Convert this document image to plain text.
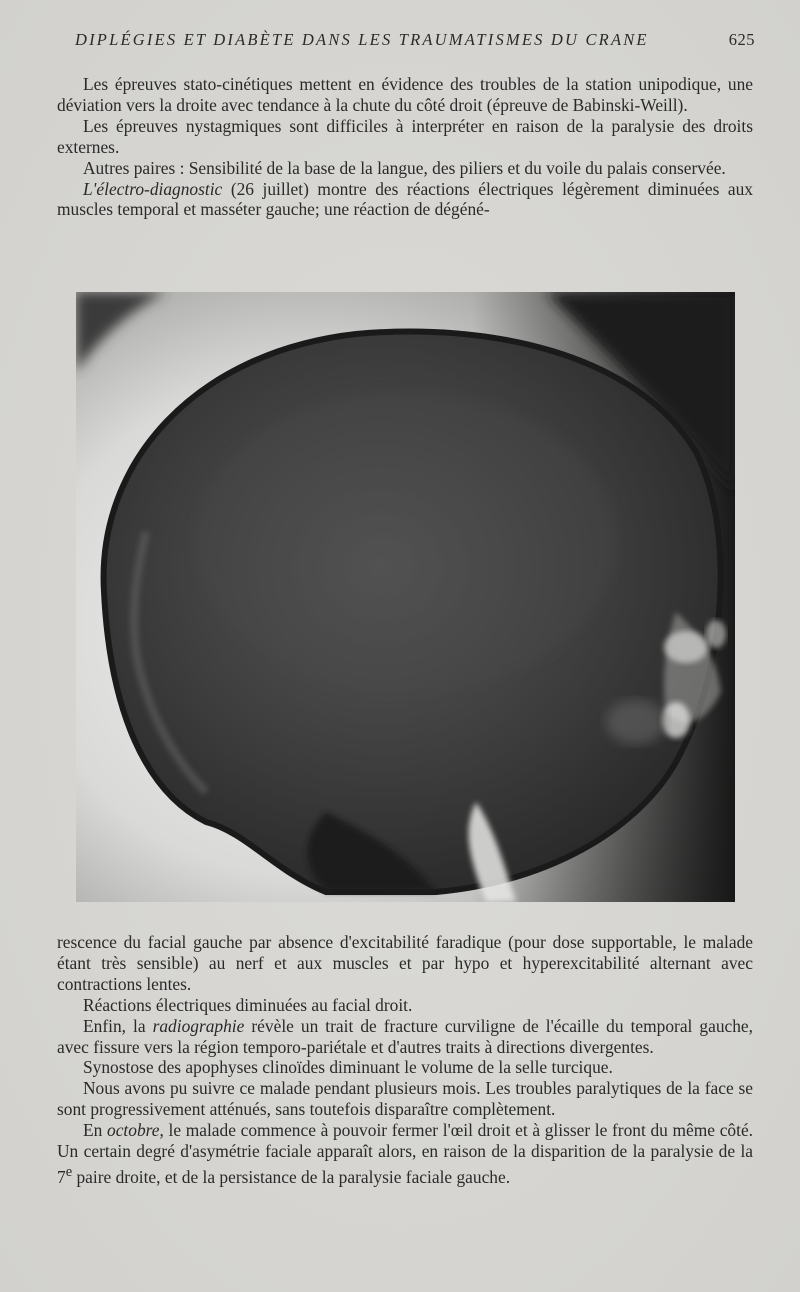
DIPLÉGIES ET DIABÈTE DANS LES TRAUMATISMES DU CRANE	625

Les épreuves stato-cinétiques mettent en évidence des troubles de la station unipodique, une déviation vers la droite avec tendance à la chute du côté droit (épreuve de Babinski-Weill).

Les épreuves nystagmiques sont difficiles à interpréter en raison de la paralysie des droits externes.

Autres paires : Sensibilité de la base de la langue, des piliers et du voile du palais conservée.

L'électro-diagnostic (26 juillet) montre des réactions électriques légèrement diminuées aux muscles temporal et masséter gauche; une réaction de dégéné-

rescence du facial gauche par absence d'excitabilité faradique (pour dose supportable, le malade étant très sensible) au nerf et aux muscles et par hypo et hyperexcitabilité alternant avec contractions lentes.

Réactions électriques diminuées au facial droit.

Enfin, la radiographie révèle un trait de fracture curviligne de l'écaille du temporal gauche, avec fissure vers la région temporo-pariétale et d'autres traits à directions divergentes.

Synostose des apophyses clinoïdes diminuant le volume de la selle turcique.

Nous avons pu suivre ce malade pendant plusieurs mois. Les troubles paralytiques de la face se sont progressivement atténués, sans toutefois disparaître complètement.

En octobre, le malade commence à pouvoir fermer l'œil droit et à glisser le front du même côté. Un certain degré d'asymétrie faciale apparaît alors, en raison de la disparition de la paralysie de la 7e paire droite, et de la persistance de la paralysie faciale gauche.
